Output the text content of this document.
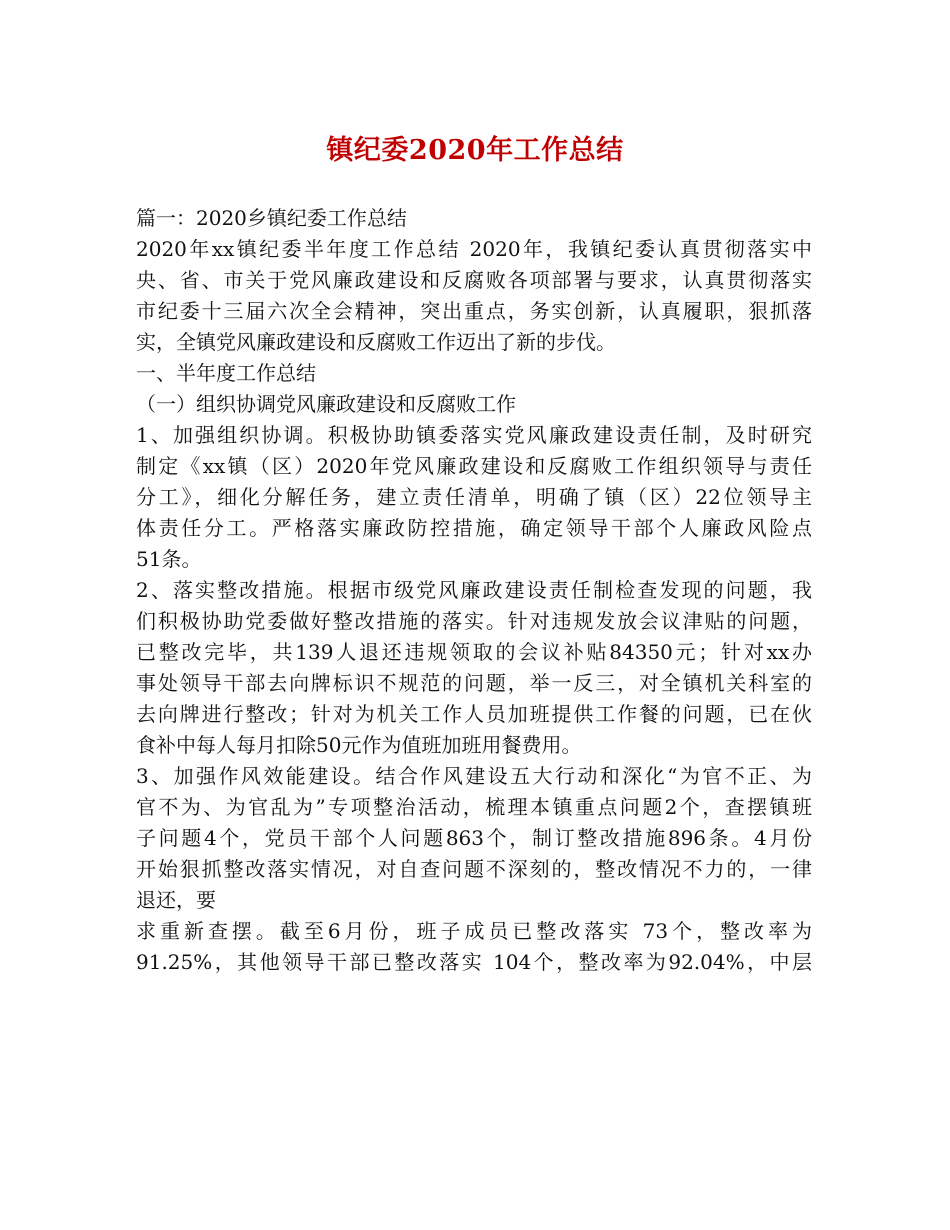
镇纪委2020年工作总结
篇一：2020乡镇纪委工作总结
2020年xx镇纪委半年度工作总结 2020年，我镇纪委认真贯彻落实中
央、省、市关于党风廉政建设和反腐败各项部署与要求，认真贯彻落实
市纪委十三届六次全会精神，突出重点，务实创新，认真履职，狠抓落
实，全镇党风廉政建设和反腐败工作迈出了新的步伐。
一、半年度工作总结
（一）组织协调党风廉政建设和反腐败工作
1、加强组织协调。积极协助镇委落实党风廉政建设责任制，及时研究
制定《xx镇（区）2020年党风廉政建设和反腐败工作组织领导与责任
分工》，细化分解任务，建立责任清单，明确了镇（区）22位领导主
体责任分工。严格落实廉政防控措施，确定领导干部个人廉政风险点
51条。
2、落实整改措施。根据市级党风廉政建设责任制检查发现的问题，我
们积极协助党委做好整改措施的落实。针对违规发放会议津贴的问题，
已整改完毕，共139人退还违规领取的会议补贴84350元；针对xx办
事处领导干部去向牌标识不规范的问题，举一反三，对全镇机关科室的
去向牌进行整改；针对为机关工作人员加班提供工作餐的问题，已在伙
食补中每人每月扣除50元作为值班加班用餐费用。
3、加强作风效能建设。结合作风建设五大行动和深化“为官不正、为
官不为、为官乱为”专项整治活动，梳理本镇重点问题2个，查摆镇班
子问题4个，党员干部个人问题863个，制订整改措施896条。4月份
开始狠抓整改落实情况，对自查问题不深刻的，整改情况不力的，一律
退还，要
求重新查摆。截至6月份，班子成员已整改落实 73个，整改率为
91.25%，其他领导干部已整改落实 104个，整改率为92.04%，中层
